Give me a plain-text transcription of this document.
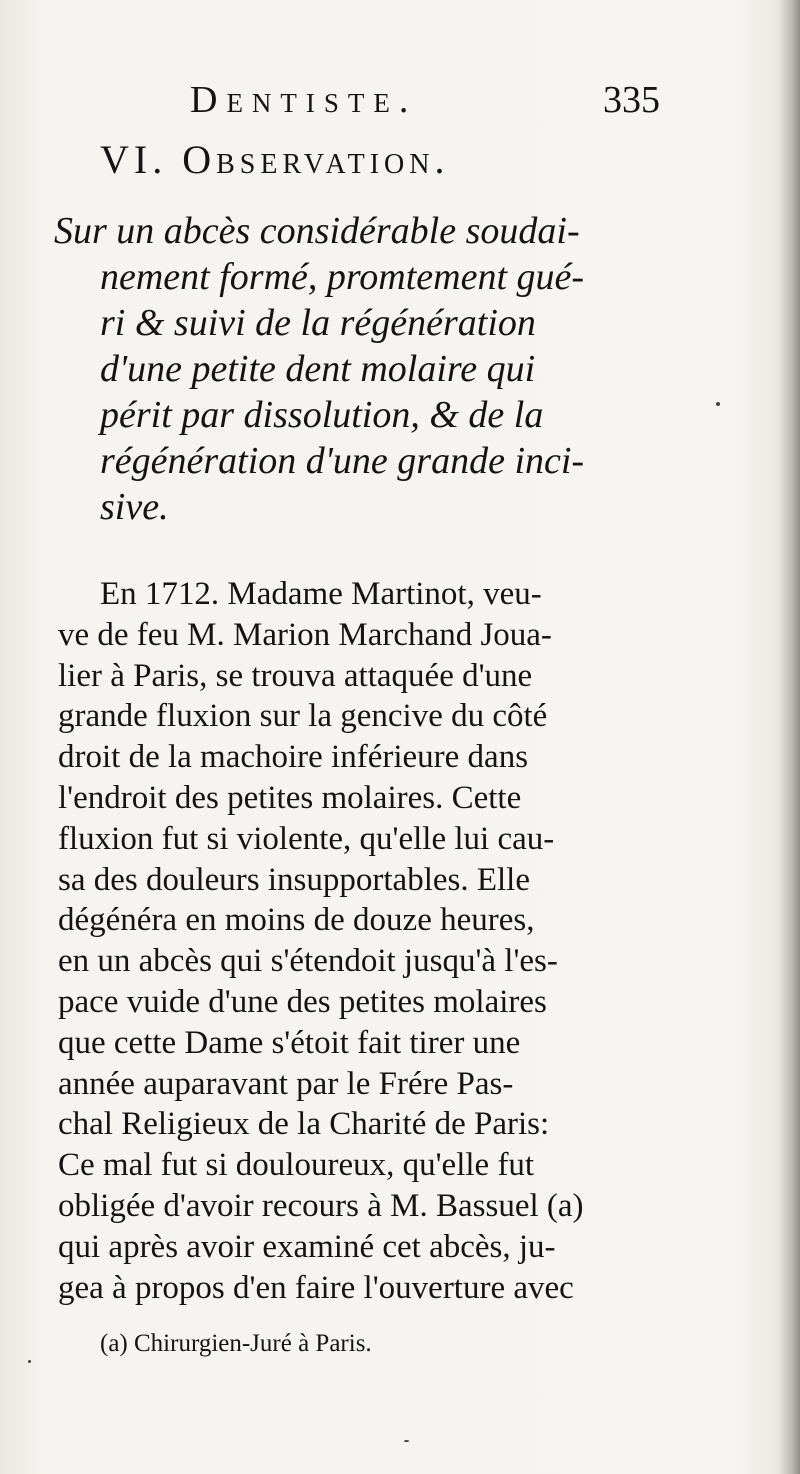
Dentiste.	335
VI. Observation.
Sur un abcès considérable soudai-
nement formé, promtement gué-
ri & suivi de la régénération
d'une petite dent molaire qui
périt par dissolution, & de la
régénération d'une grande inci-
sive.
En 1712. Madame Martinot, veu-
ve de feu M. Marion Marchand Joua-
lier à Paris, se trouva attaquée d'une
grande fluxion sur la gencive du côté
droit de la machoire inférieure dans
l'endroit des petites molaires. Cette
fluxion fut si violente, qu'elle lui cau-
sa des douleurs insupportables. Elle
dégénéra en moins de douze heures,
en un abcès qui s'étendoit jusqu'à l'es-
pace vuide d'une des petites molaires
que cette Dame s'étoit fait tirer une
année auparavant par le Frére Pas-
chal Religieux de la Charité de Paris:
Ce mal fut si douloureux, qu'elle fut
obligée d'avoir recours à M. Bassuel (a)
qui après avoir examiné cet abcès, ju-
gea à propos d'en faire l'ouverture avec
(a) Chirurgien-Juré à Paris.
